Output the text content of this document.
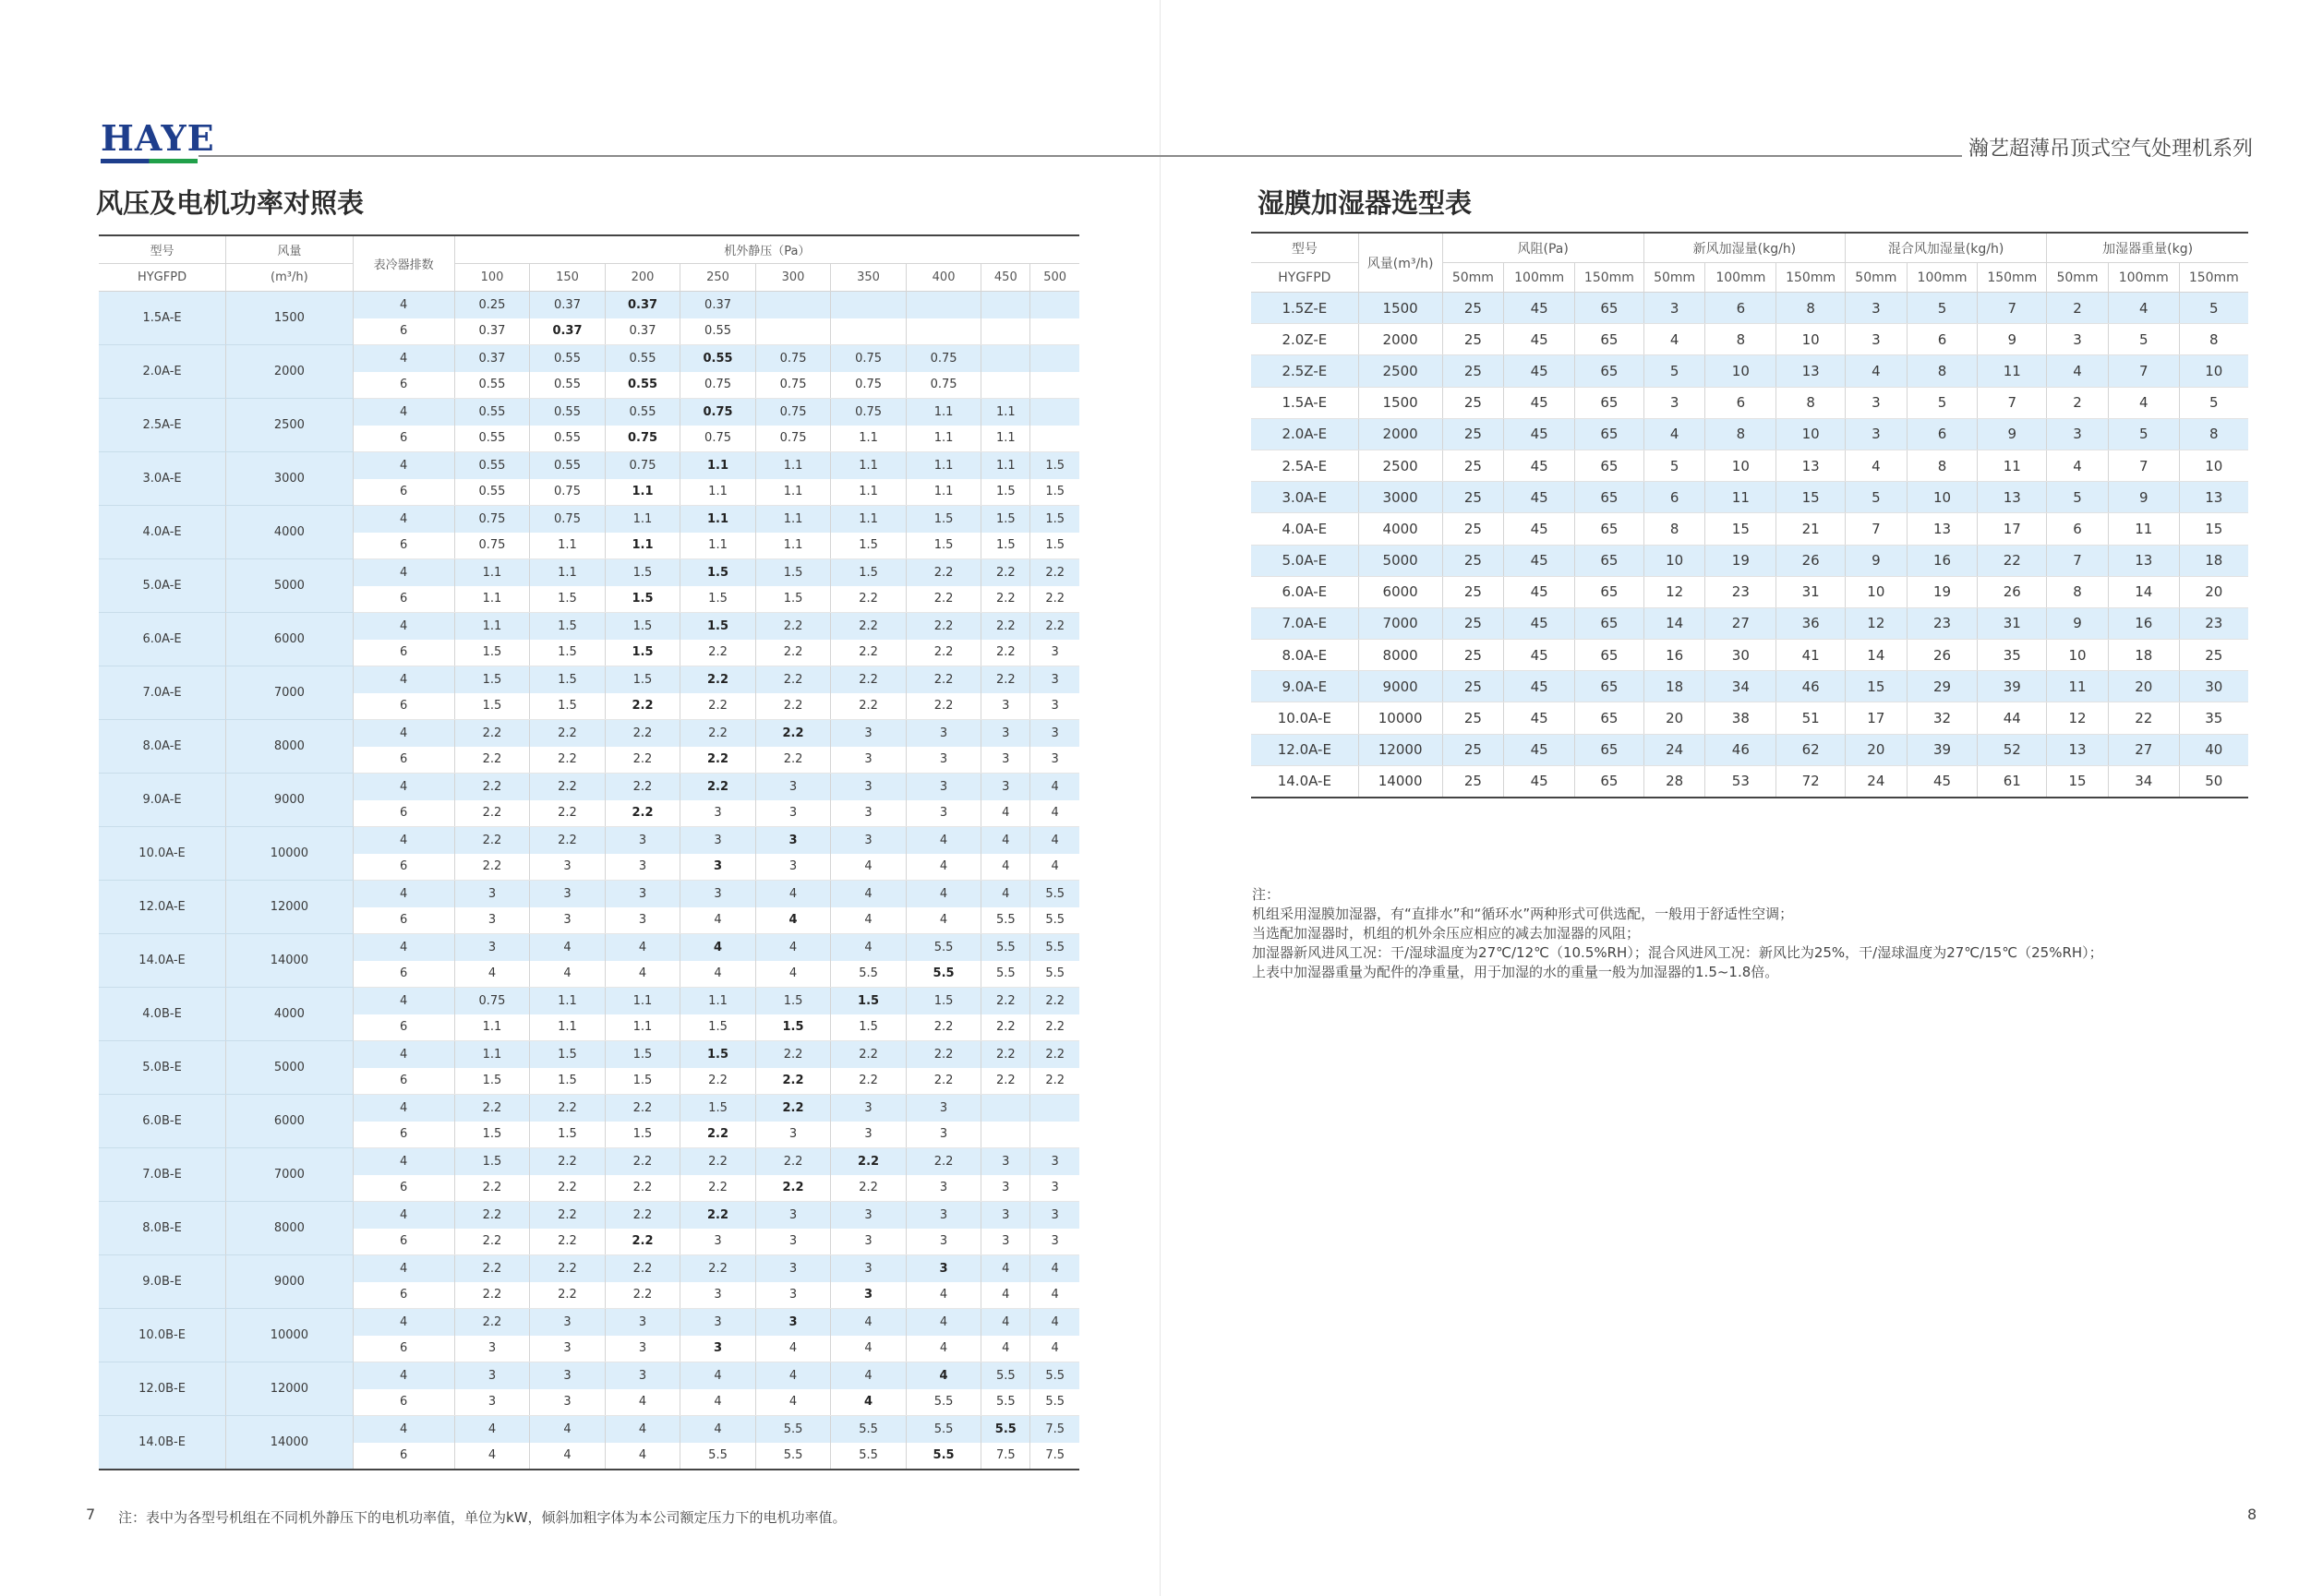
HAYE	瀚艺超薄吊顶式空气处理机系列
风压及电机功率对照表	湿膜加湿器选型表
型号	风量	表冷器排数	机外静压（Pa）								
HYGFPD	(m³/h)		100	150	200	250	300	350	400	450	500
1.5A-E	1500	4	0.25	0.37	0.37	0.37					
		6	0.37	0.37	0.37	0.55					
2.0A-E	2000	4	0.37	0.55	0.55	0.55	0.75	0.75	0.75		
		6	0.55	0.55	0.55	0.75	0.75	0.75	0.75		
2.5A-E	2500	4	0.55	0.55	0.55	0.75	0.75	0.75	1.1	1.1	
		6	0.55	0.55	0.75	0.75	0.75	1.1	1.1	1.1	
3.0A-E	3000	4	0.55	0.55	0.75	1.1	1.1	1.1	1.1	1.1	1.5
		6	0.55	0.75	1.1	1.1	1.1	1.1	1.1	1.5	1.5
4.0A-E	4000	4	0.75	0.75	1.1	1.1	1.1	1.1	1.5	1.5	1.5
		6	0.75	1.1	1.1	1.1	1.1	1.5	1.5	1.5	1.5
5.0A-E	5000	4	1.1	1.1	1.5	1.5	1.5	1.5	2.2	2.2	2.2
		6	1.1	1.5	1.5	1.5	1.5	2.2	2.2	2.2	2.2
6.0A-E	6000	4	1.1	1.5	1.5	1.5	2.2	2.2	2.2	2.2	2.2
		6	1.5	1.5	1.5	2.2	2.2	2.2	2.2	2.2	3
7.0A-E	7000	4	1.5	1.5	1.5	2.2	2.2	2.2	2.2	2.2	3
		6	1.5	1.5	2.2	2.2	2.2	2.2	2.2	3	3
8.0A-E	8000	4	2.2	2.2	2.2	2.2	2.2	3	3	3	3
		6	2.2	2.2	2.2	2.2	2.2	3	3	3	3
9.0A-E	9000	4	2.2	2.2	2.2	2.2	3	3	3	3	4
		6	2.2	2.2	2.2	3	3	3	3	4	4
10.0A-E	10000	4	2.2	2.2	3	3	3	3	4	4	4
		6	2.2	3	3	3	3	4	4	4	4
12.0A-E	12000	4	3	3	3	3	4	4	4	4	5.5
		6	3	3	3	4	4	4	4	5.5	5.5
14.0A-E	14000	4	3	4	4	4	4	4	5.5	5.5	5.5
		6	4	4	4	4	4	5.5	5.5	5.5	5.5
4.0B-E	4000	4	0.75	1.1	1.1	1.1	1.5	1.5	1.5	2.2	2.2
		6	1.1	1.1	1.1	1.5	1.5	1.5	2.2	2.2	2.2
5.0B-E	5000	4	1.1	1.5	1.5	1.5	2.2	2.2	2.2	2.2	2.2
		6	1.5	1.5	1.5	2.2	2.2	2.2	2.2	2.2	2.2
6.0B-E	6000	4	2.2	2.2	2.2	1.5	2.2	3	3		
		6	1.5	1.5	1.5	2.2	3	3	3		
7.0B-E	7000	4	1.5	2.2	2.2	2.2	2.2	2.2	2.2	3	3
		6	2.2	2.2	2.2	2.2	2.2	2.2	3	3	3
8.0B-E	8000	4	2.2	2.2	2.2	2.2	3	3	3	3	3
		6	2.2	2.2	2.2	3	3	3	3	3	3
9.0B-E	9000	4	2.2	2.2	2.2	2.2	3	3	3	4	4
		6	2.2	2.2	2.2	3	3	3	4	4	4
10.0B-E	10000	4	2.2	3	3	3	3	4	4	4	4
		6	3	3	3	3	4	4	4	4	4
12.0B-E	12000	4	3	3	3	4	4	4	4	5.5	5.5
		6	3	3	4	4	4	4	5.5	5.5	5.5
14.0B-E	14000	4	4	4	4	4	5.5	5.5	5.5	5.5	7.5
		6	4	4	4	5.5	5.5	5.5	5.5	7.5	7.5
7 注：表中为各型号机组在不同机外静压下的电机功率值，单位为kW，倾斜加粗字体为本公司额定压力下的电机功率值。
型号	风量(m³/h)	风阻(Pa)			新风加湿量(kg/h)			混合风加湿量(kg/h)			加湿器重量(kg)		
HYGFPD		50mm	100mm	150mm	50mm	100mm	150mm	50mm	100mm	150mm	50mm	100mm	150mm
1.5Z-E	1500	25	45	65	3	6	8	3	5	7	2	4	5
2.0Z-E	2000	25	45	65	4	8	10	3	6	9	3	5	8
2.5Z-E	2500	25	45	65	5	10	13	4	8	11	4	7	10
1.5A-E	1500	25	45	65	3	6	8	3	5	7	2	4	5
2.0A-E	2000	25	45	65	4	8	10	3	6	9	3	5	8
2.5A-E	2500	25	45	65	5	10	13	4	8	11	4	7	10
3.0A-E	3000	25	45	65	6	11	15	5	10	13	5	9	13
4.0A-E	4000	25	45	65	8	15	21	7	13	17	6	11	15
5.0A-E	5000	25	45	65	10	19	26	9	16	22	7	13	18
6.0A-E	6000	25	45	65	12	23	31	10	19	26	8	14	20
7.0A-E	7000	25	45	65	14	27	36	12	23	31	9	16	23
8.0A-E	8000	25	45	65	16	30	41	14	26	35	10	18	25
9.0A-E	9000	25	45	65	18	34	46	15	29	39	11	20	30
10.0A-E	10000	25	45	65	20	38	51	17	32	44	12	22	35
12.0A-E	12000	25	45	65	24	46	62	20	39	52	13	27	40
14.0A-E	14000	25	45	65	28	53	72	24	45	61	15	34	50
注：
机组采用湿膜加湿器，有“直排水”和“循环水”两种形式可供选配，一般用于舒适性空调；
当选配加湿器时，机组的机外余压应相应的减去加湿器的风阻；
加湿器新风进风工况：干/湿球温度为27℃/12℃（10.5%RH）；混合风进风工况：新风比为25%，干/湿球温度为27℃/15℃（25%RH）；
上表中加湿器重量为配件的净重量，用于加湿的水的重量一般为加湿器的1.5~1.8倍。
8
